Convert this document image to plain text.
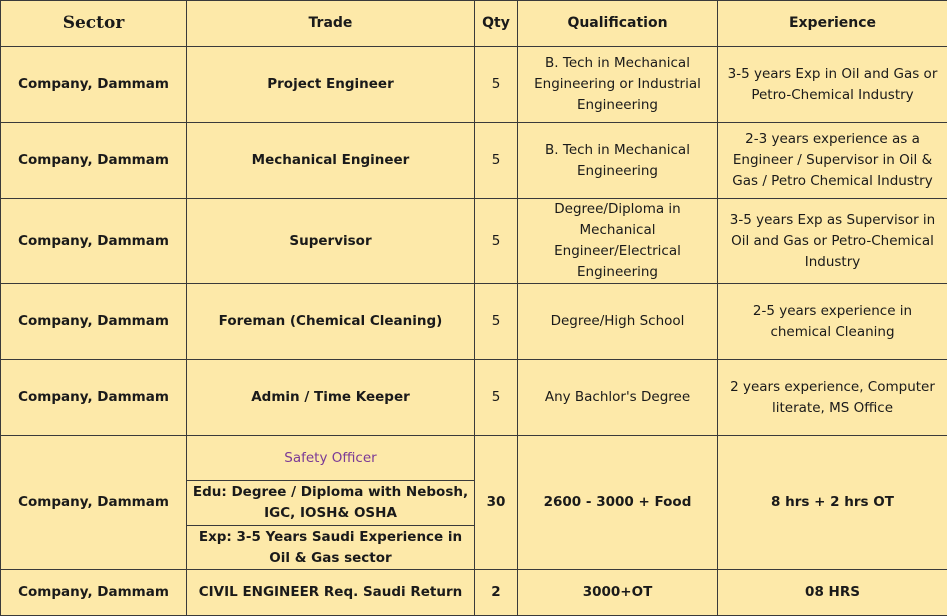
Sector	Trade	Qty	Qualification	Experience
Company, Dammam	Project Engineer	5	B. Tech in Mechanical Engineering or Industrial Engineering	3-5 years Exp in Oil and Gas or Petro-Chemical Industry
Company, Dammam	Mechanical Engineer	5	B. Tech in Mechanical Engineering	2-3 years experience as a Engineer / Supervisor in Oil & Gas / Petro Chemical Industry
Company, Dammam	Supervisor	5	Degree/Diploma in Mechanical Engineer/Electrical Engineering	3-5 years Exp as Supervisor in Oil and Gas or Petro-Chemical Industry
Company, Dammam	Foreman (Chemical Cleaning)	5	Degree/High School	2-5 years experience in chemical Cleaning
Company, Dammam	Admin / Time Keeper	5	Any Bachlor's Degree	2 years experience, Computer literate, MS Office
Company, Dammam	Safety Officer	30	2600 - 3000 + Food	8 hrs + 2 hrs OT
	Edu: Degree / Diploma with Nebosh, IGC, IOSH& OSHA			
	Exp: 3-5 Years Saudi Experience in Oil & Gas sector			
Company, Dammam	CIVIL ENGINEER Req. Saudi Return	2	3000+OT	08 HRS
